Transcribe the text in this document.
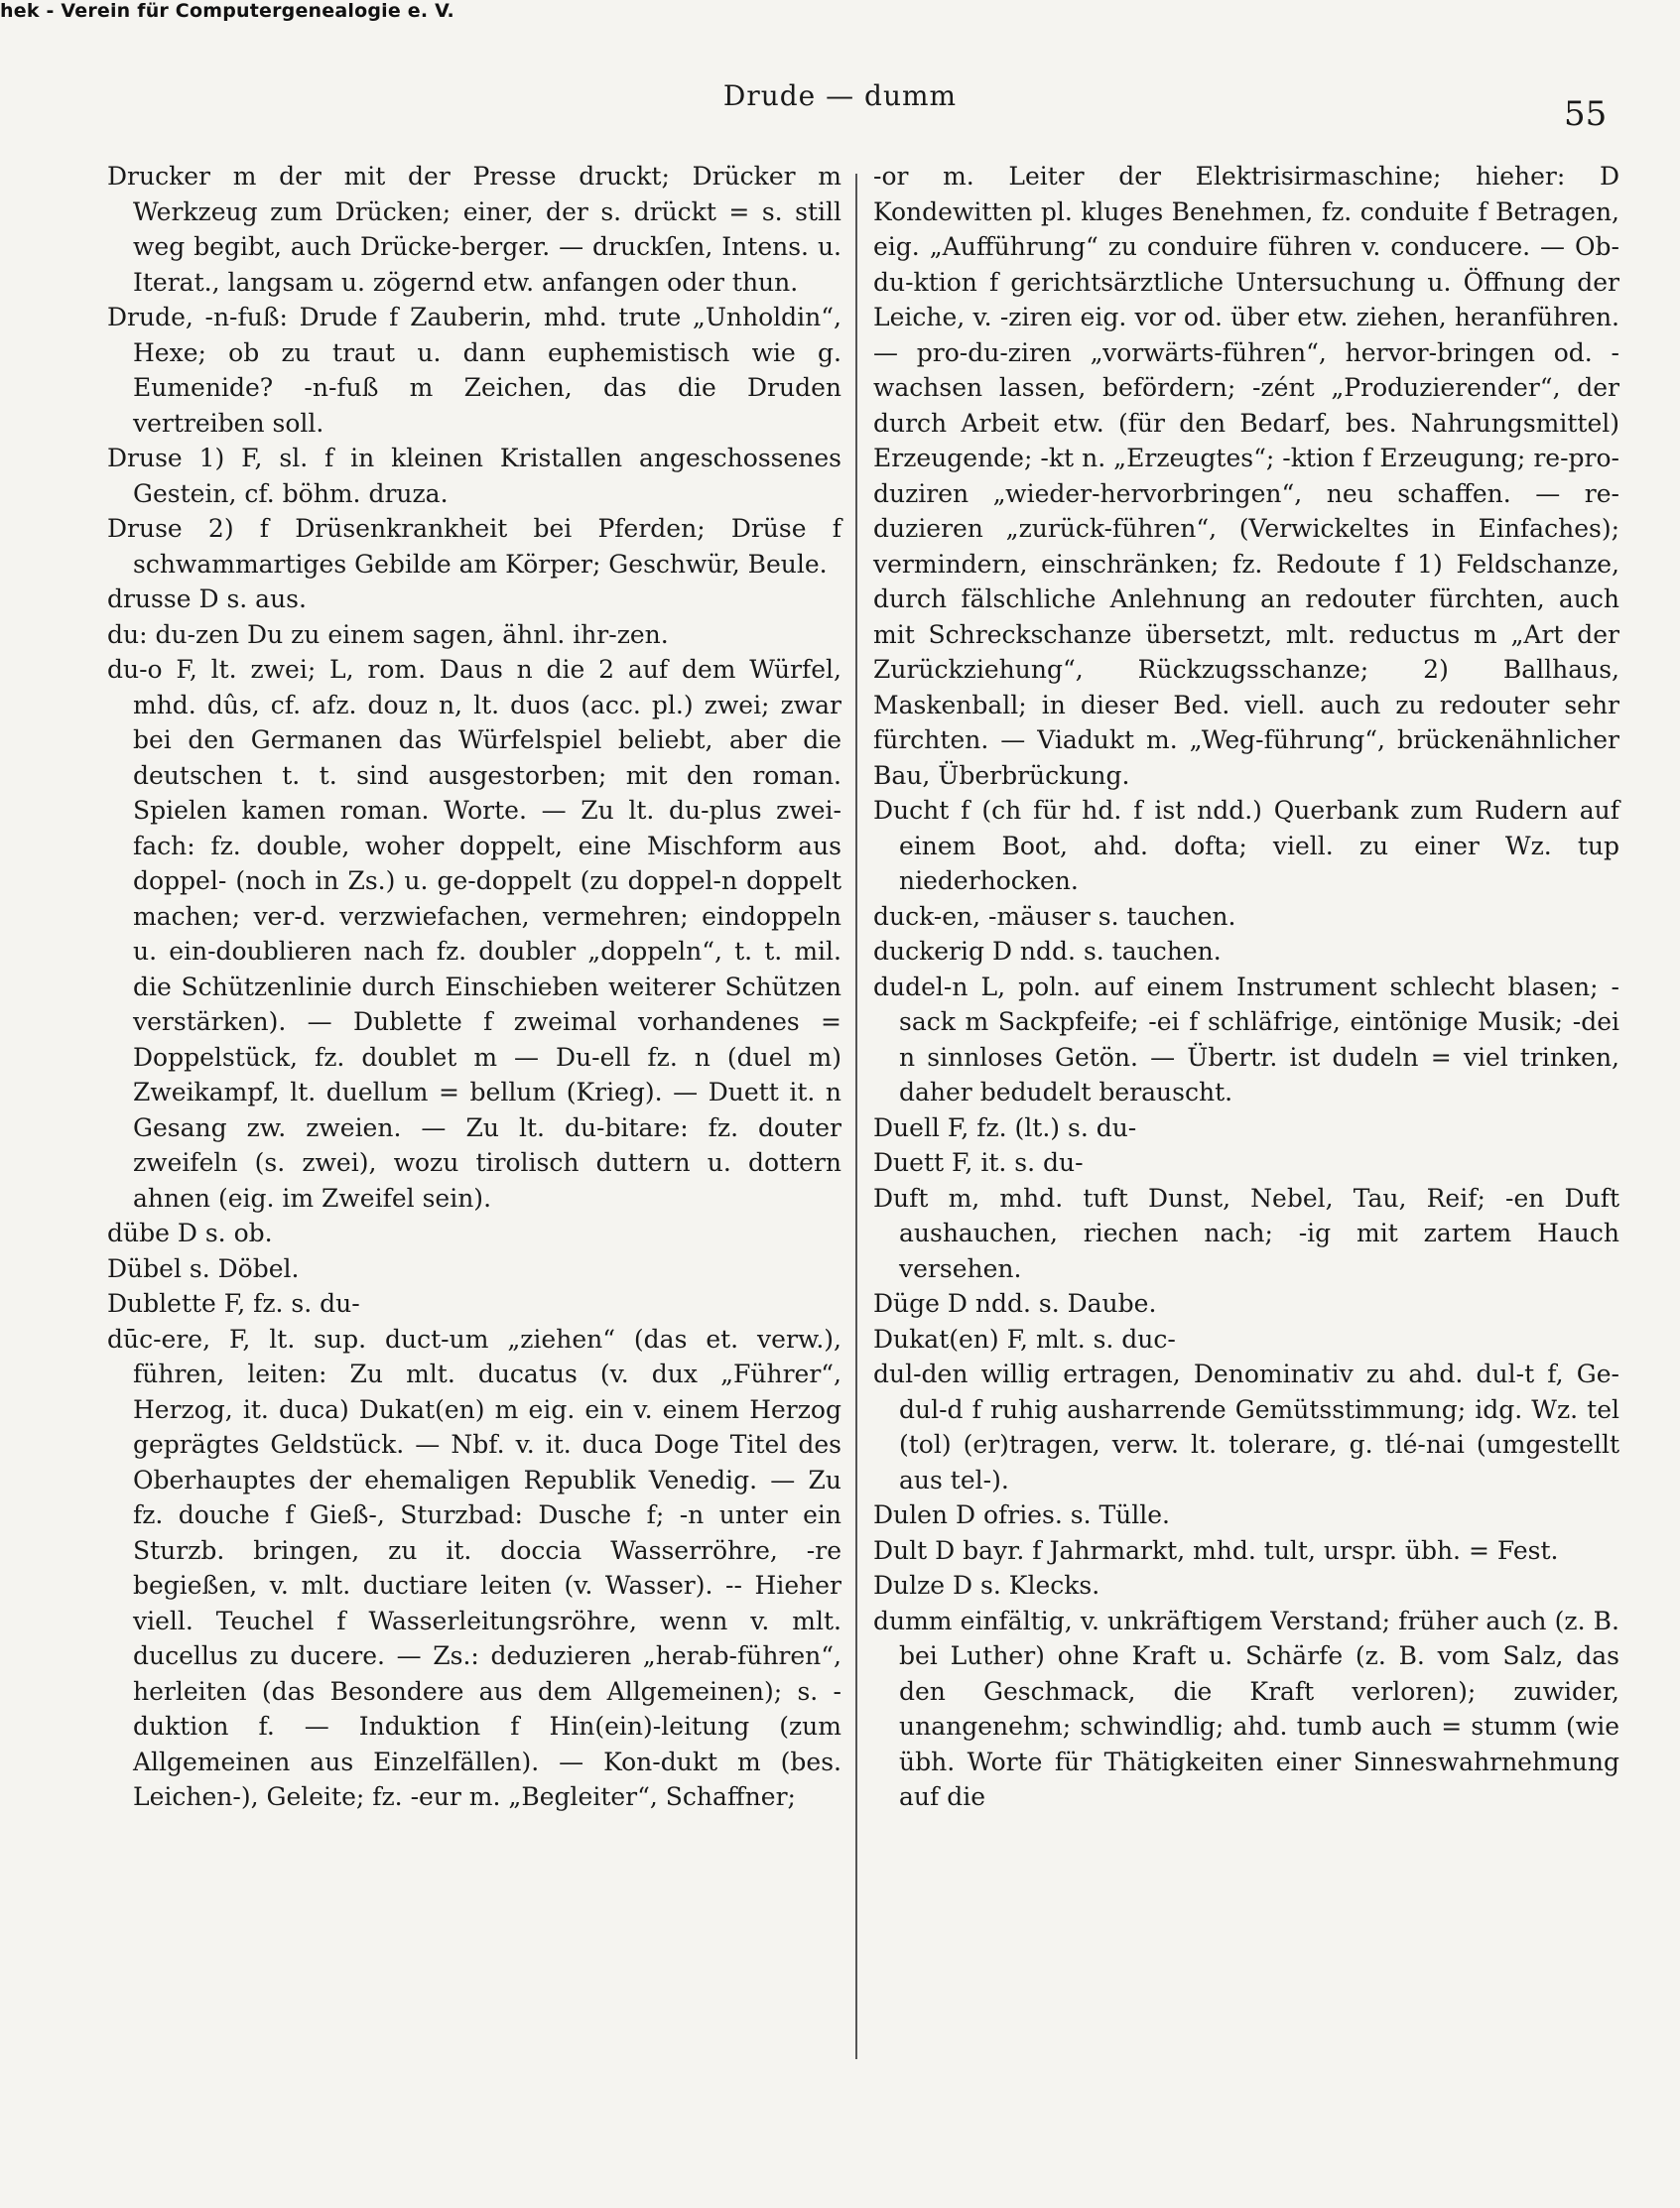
hek - Verein für Computergenealogie e. V.
Drude — dumm	55

Drucker m der mit der Presse druckt; Drücker m Werkzeug zum Drücken; einer, der s. drückt = s. still weg begibt, auch Drücke-berger. — druckſen, Intens. u. Iterat., langsam u. zögernd etw. anfangen oder thun.

Drude, -n-fuß: Drude f Zauberin, mhd. trute „Unholdin“, Hexe; ob zu traut u. dann euphemistisch wie g. Eumenide? -n-fuß m Zeichen, das die Druden vertreiben soll.

Druse 1) F, sl. f in kleinen Kristallen angeschossenes Gestein, cf. böhm. druza.

Druse 2) f Drüsenkrankheit bei Pferden; Drüse f schwammartiges Gebilde am Körper; Geschwür, Beule.

drusse D s. aus.

du: du-zen Du zu einem sagen, ähnl. ihr-zen.

du-o F, lt. zwei; L, rom. Daus n die 2 auf dem Würfel, mhd. dûs, cf. afz. douz n, lt. duos (acc. pl.) zwei; zwar bei den Germanen das Würfelspiel beliebt, aber die deutschen t. t. sind ausgestorben; mit den roman. Spielen kamen roman. Worte. — Zu lt. du-plus zwei-fach: fz. double, woher doppelt, eine Mischform aus doppel- (noch in Zs.) u. ge-doppelt (zu doppel-n doppelt machen; ver-d. verzwiefachen, vermehren; eindoppeln u. ein-doublieren nach fz. doubler „doppeln“, t. t. mil. die Schützenlinie durch Einschieben weiterer Schützen verstärken). — Dublette f zweimal vorhandenes = Doppelstück, fz. doublet m — Du-ell fz. n (duel m) Zweikampf, lt. duellum = bellum (Krieg). — Duett it. n Gesang zw. zweien. — Zu lt. du-bitare: fz. douter zweifeln (s. zwei), wozu tirolisch duttern u. dottern ahnen (eig. im Zweifel sein).

dübe D s. ob.

Dübel s. Döbel.

Dublette F, fz. s. du-

dūc-ere, F, lt. sup. duct-um „ziehen“ (das et. verw.), führen, leiten: Zu mlt. ducatus (v. dux „Führer“, Herzog, it. duca) Dukat(en) m eig. ein v. einem Herzog geprägtes Geldstück. — Nbf. v. it. duca Doge Titel des Oberhauptes der ehemaligen Republik Venedig. — Zu fz. douche f Gieß-, Sturzbad: Dusche f; -n unter ein Sturzb. bringen, zu it. doccia Wasserröhre, -re begießen, v. mlt. ductiare leiten (v. Wasser). -- Hieher viell. Teuchel f Wasserleitungsröhre, wenn v. mlt. ducellus zu ducere. — Zs.: deduzieren „herab-führen“, herleiten (das Besondere aus dem Allgemeinen); s. -duktion f. — Induktion f Hin(ein)-leitung (zum Allgemeinen aus Einzelfällen). — Kon-dukt m (bes. Leichen-), Geleite; fz. -eur m. „Begleiter“, Schaffner;

-or m. Leiter der Elektrisirmaschine; hieher: D Kondewitten pl. kluges Benehmen, fz. conduite f Betragen, eig. „Aufführung“ zu conduire führen v. conducere. — Ob-du-ktion f gerichtsärztliche Untersuchung u. Öffnung der Leiche, v. -ziren eig. vor od. über etw. ziehen, heranführen. — pro-du-ziren „vorwärts-führen“, hervor-bringen od. -wachsen lassen, befördern; -zént „Produzierender“, der durch Arbeit etw. (für den Bedarf, bes. Nahrungsmittel) Erzeugende; -kt n. „Erzeugtes“; -ktion f Erzeugung; re-pro-duziren „wieder-hervorbringen“, neu schaffen. — re-duzieren „zurück-führen“, (Verwickeltes in Einfaches); vermindern, einschränken; fz. Redoute f 1) Feldschanze, durch fälschliche Anlehnung an redouter fürchten, auch mit Schreckschanze übersetzt, mlt. reductus m „Art der Zurückziehung“, Rückzugsschanze; 2) Ballhaus, Maskenball; in dieser Bed. viell. auch zu redouter sehr fürchten. — Viadukt m. „Weg-führung“, brückenähnlicher Bau, Überbrückung.

Ducht f (ch für hd. f ist ndd.) Querbank zum Rudern auf einem Boot, ahd. dofta; viell. zu einer Wz. tup niederhocken.

duck-en, -mäuser s. tauchen.

duckerig D ndd. s. tauchen.

dudel-n L, poln. auf einem Instrument schlecht blasen; -sack m Sackpfeife; -ei f schläfrige, eintönige Musik; -dei n sinnloses Getön. — Übertr. ist dudeln = viel trinken, daher bedudelt berauscht.

Duell F, fz. (lt.) s. du-

Duett F, it. s. du-

Duft m, mhd. tuft Dunst, Nebel, Tau, Reif; -en Duft aushauchen, riechen nach; -ig mit zartem Hauch versehen.

Düge D ndd. s. Daube.

Dukat(en) F, mlt. s. duc-

dul-den willig ertragen, Denominativ zu ahd. dul-t f, Ge-dul-d f ruhig ausharrende Gemütsstimmung; idg. Wz. tel (tol) (er)tragen, verw. lt. tolerare, g. tlé-nai (umgestellt aus tel-).

Dulen D ofries. s. Tülle.

Dult D bayr. f Jahrmarkt, mhd. tult, urspr. übh. = Fest.

Dulze D s. Klecks.

dumm einfältig, v. unkräftigem Verstand; früher auch (z. B. bei Luther) ohne Kraft u. Schärfe (z. B. vom Salz, das den Geschmack, die Kraft verloren); zuwider, unangenehm; schwindlig; ahd. tumb auch = stumm (wie übh. Worte für Thätigkeiten einer Sinneswahrnehmung auf die
